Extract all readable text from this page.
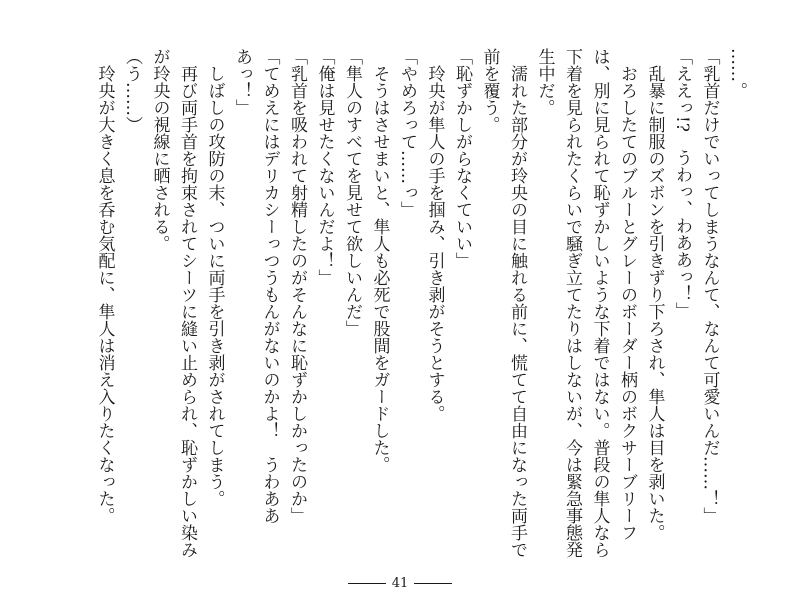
……。

「乳首だけでいってしまうなんて、なんて可愛いんだ……！」

「ええっ!?　うわっ、わああっ！」

　乱暴に制服のズボンを引きずり下ろされ、隼人は目を剥いた。

　おろしたてのブルーとグレーのボーダー柄のボクサーブリーフ

は、別に見られて恥ずかしいような下着ではない。普段の隼人なら

下着を見られたくらいで騒ぎ立てたりはしないが、今は緊急事態発

生中だ。

　濡れた部分が玲央の目に触れる前に、慌てて自由になった両手で

前を覆う。

「恥ずかしがらなくていい」

　玲央が隼人の手を掴み、引き剥がそうとする。

「やめろって……っ」

　そうはさせまいと、隼人も必死で股間をガードした。

「隼人のすべてを見せて欲しいんだ」

「俺は見せたくないんだよ！」

「乳首を吸われて射精したのがそんなに恥ずかしかったのか」

「てめえにはデリカシーっつうもんがないのかよ！　うわああ

あっ！」

　しばしの攻防の末、ついに両手を引き剥がされてしまう。

　再び両手首を拘束されてシーツに縫い止められ、恥ずかしい染み

が玲央の視線に晒される。

（う……）

　玲央が大きく息を呑む気配に、隼人は消え入りたくなった。

41
